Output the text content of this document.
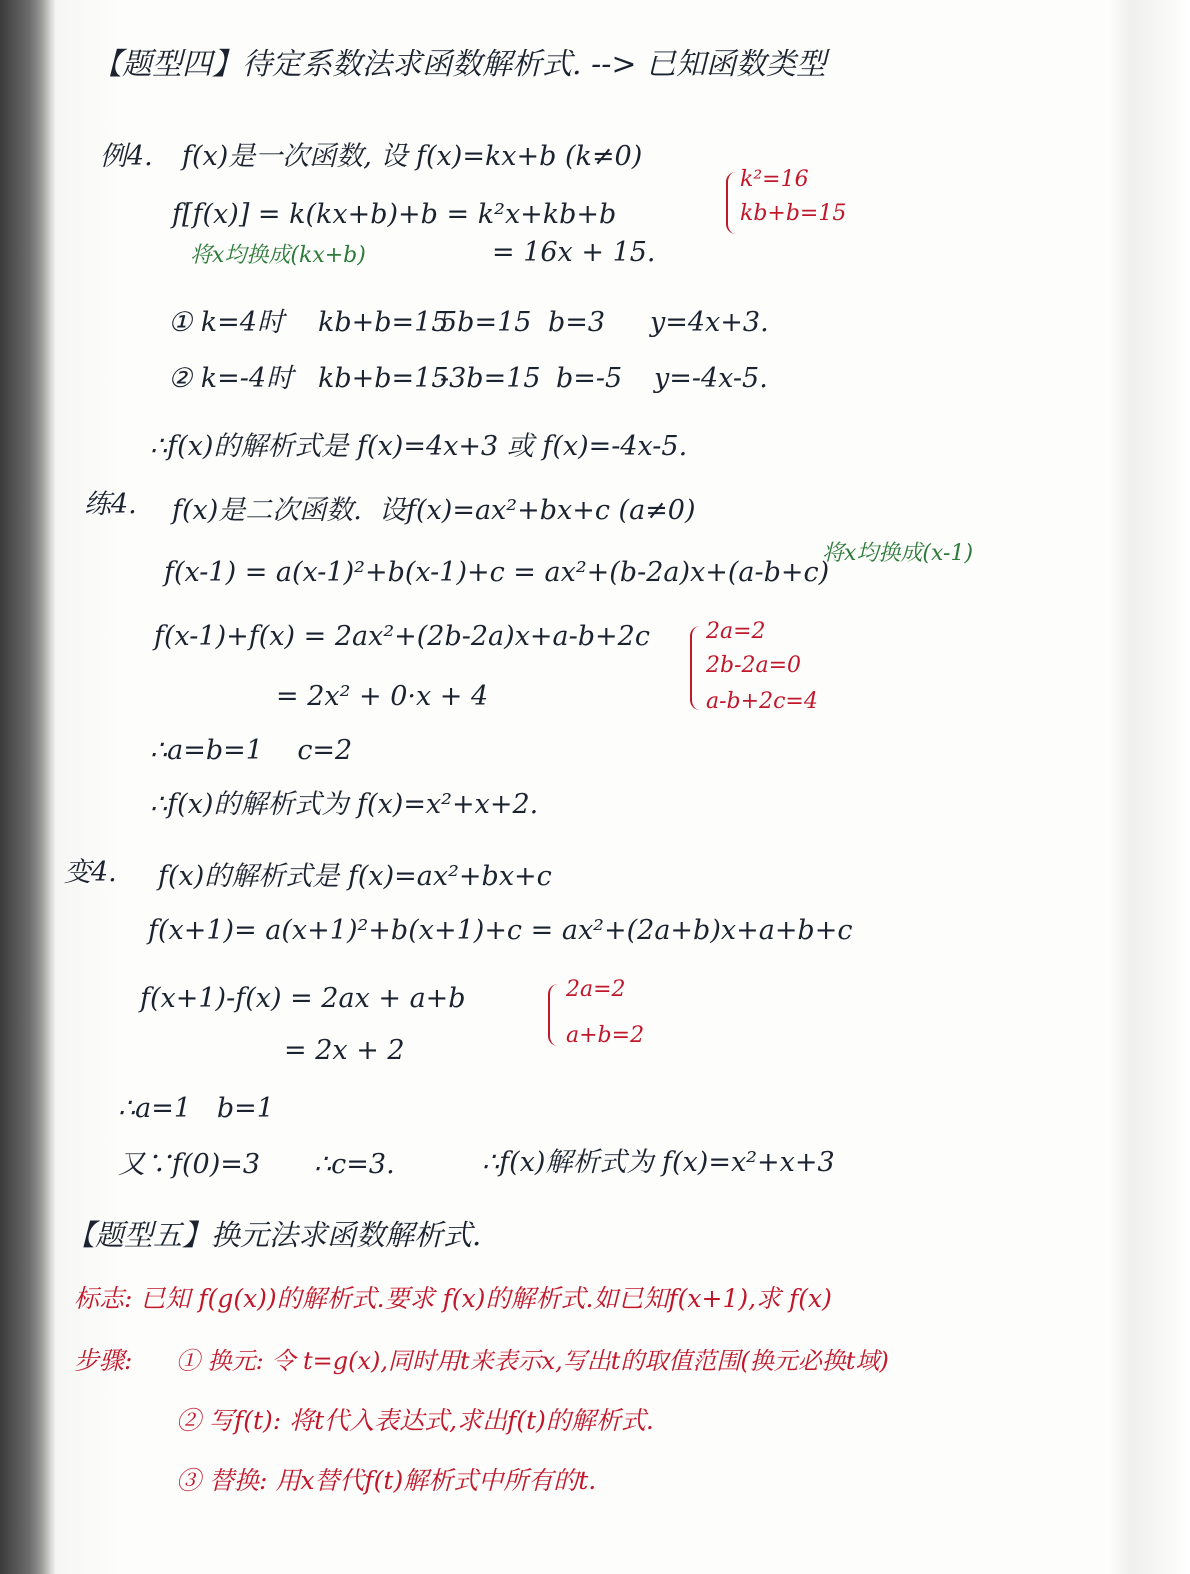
【题型四】待定系数法求函数解析式. --> 已知函数类型
例4. f(x)是一次函数, 设 f(x)=kx+b (k≠0)
f[f(x)] = k(kx+b)+b = k²x+kb+b
将x均换成(kx+b)	= 16x + 15.
k²=16
kb+b=15
① k=4时 kb+b=15
5b=15 b=3 y=4x+3.
② k=-4时 kb+b=15
-3b=15 b=-5 y=-4x-5.
∴f(x)的解析式是 f(x)=4x+3 或 f(x)=-4x-5.
练4. f(x)是二次函数.  设f(x)=ax²+bx+c (a≠0)
f(x-1) = a(x-1)²+b(x-1)+c = ax²+(b-2a)x+(a-b+c)
将x均换成(x-1)
f(x-1)+f(x) = 2ax²+(2b-2a)x+a-b+2c
= 2x² + 0·x + 4
2a=2
2b-2a=0
a-b+2c=4
∴a=b=1    c=2
∴f(x)的解析式为 f(x)=x²+x+2.
变4. f(x)的解析式是 f(x)=ax²+bx+c
f(x+1)= a(x+1)²+b(x+1)+c = ax²+(2a+b)x+a+b+c
f(x+1)-f(x) = 2ax + a+b
= 2x + 2
2a=2
a+b=2
∴a=1   b=1
又∵f(0)=3 ∴c=3.	∴f(x)解析式为 f(x)=x²+x+3
【题型五】换元法求函数解析式.
标志: 已知 f(g(x))的解析式.要求 f(x)的解析式.如已知f(x+1),求 f(x)
步骤: ① 换元: 令 t=g(x),同时用t来表示x,写出t的取值范围(换元必换t域)
② 写f(t): 将t代入表达式,求出f(t)的解析式.
③ 替换: 用x替代f(t)解析式中所有的t.
